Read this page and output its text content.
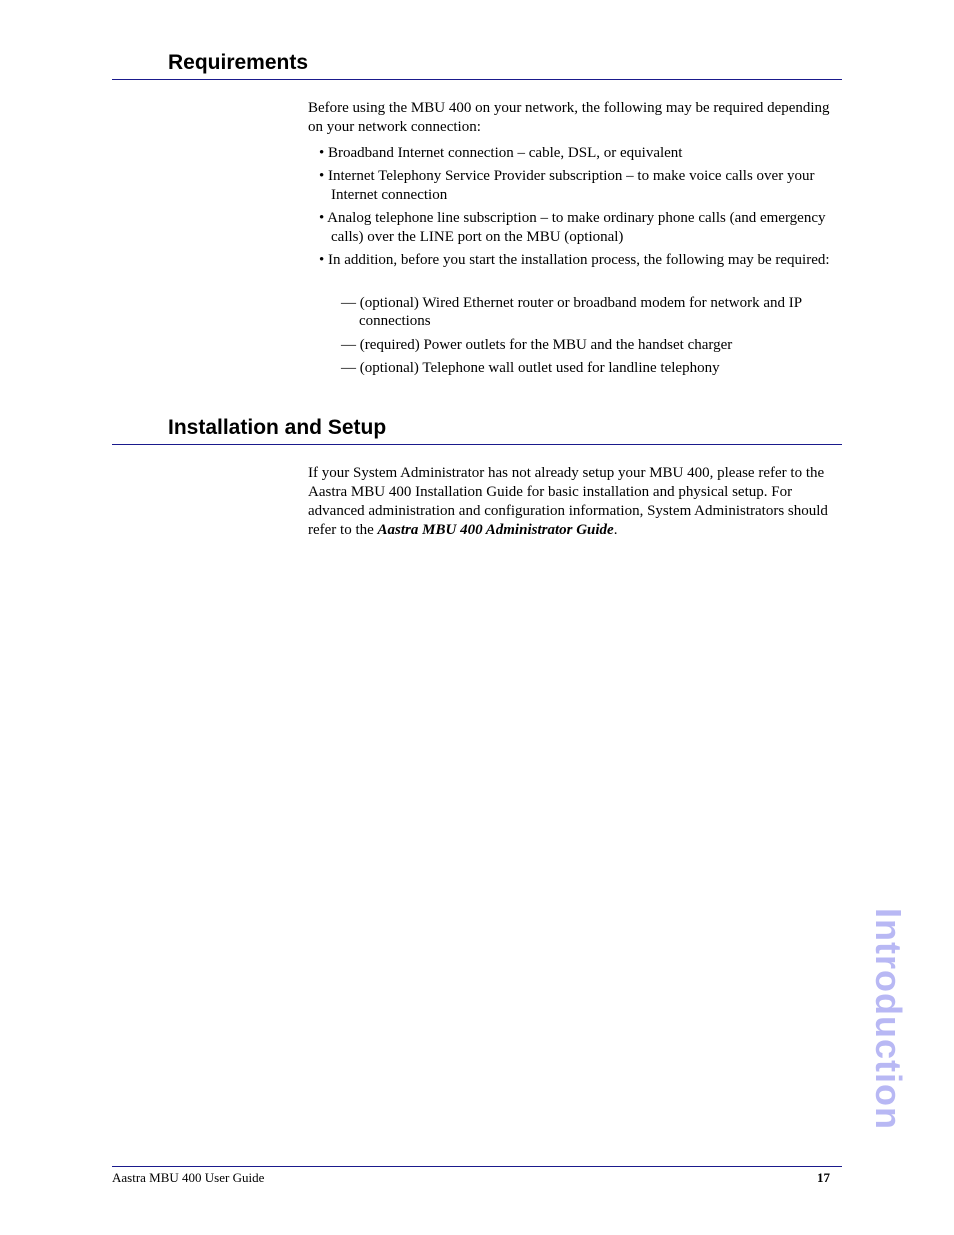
Requirements

Before using the MBU 400 on your network, the following may be required depending on your network connection:

• Broadband Internet connection – cable, DSL, or equivalent

• Internet Telephony Service Provider subscription – to make voice calls over your Internet connection

• Analog telephone line subscription – to make ordinary phone calls (and emergency calls) over the LINE port on the MBU (optional)

• In addition, before you start the installation process, the following may be required:

— (optional) Wired Ethernet router or broadband modem for network and IP connections

— (required) Power outlets for the MBU and the handset charger

— (optional) Telephone wall outlet used for landline telephony

Installation and Setup

If your System Administrator has not already setup your MBU 400, please refer to the Aastra MBU 400 Installation Guide for basic installation and physical setup. For advanced administration and configuration information, System Administrators should refer to the Aastra MBU 400 Administrator Guide.

Introduction
Aastra MBU 400 User Guide	17
